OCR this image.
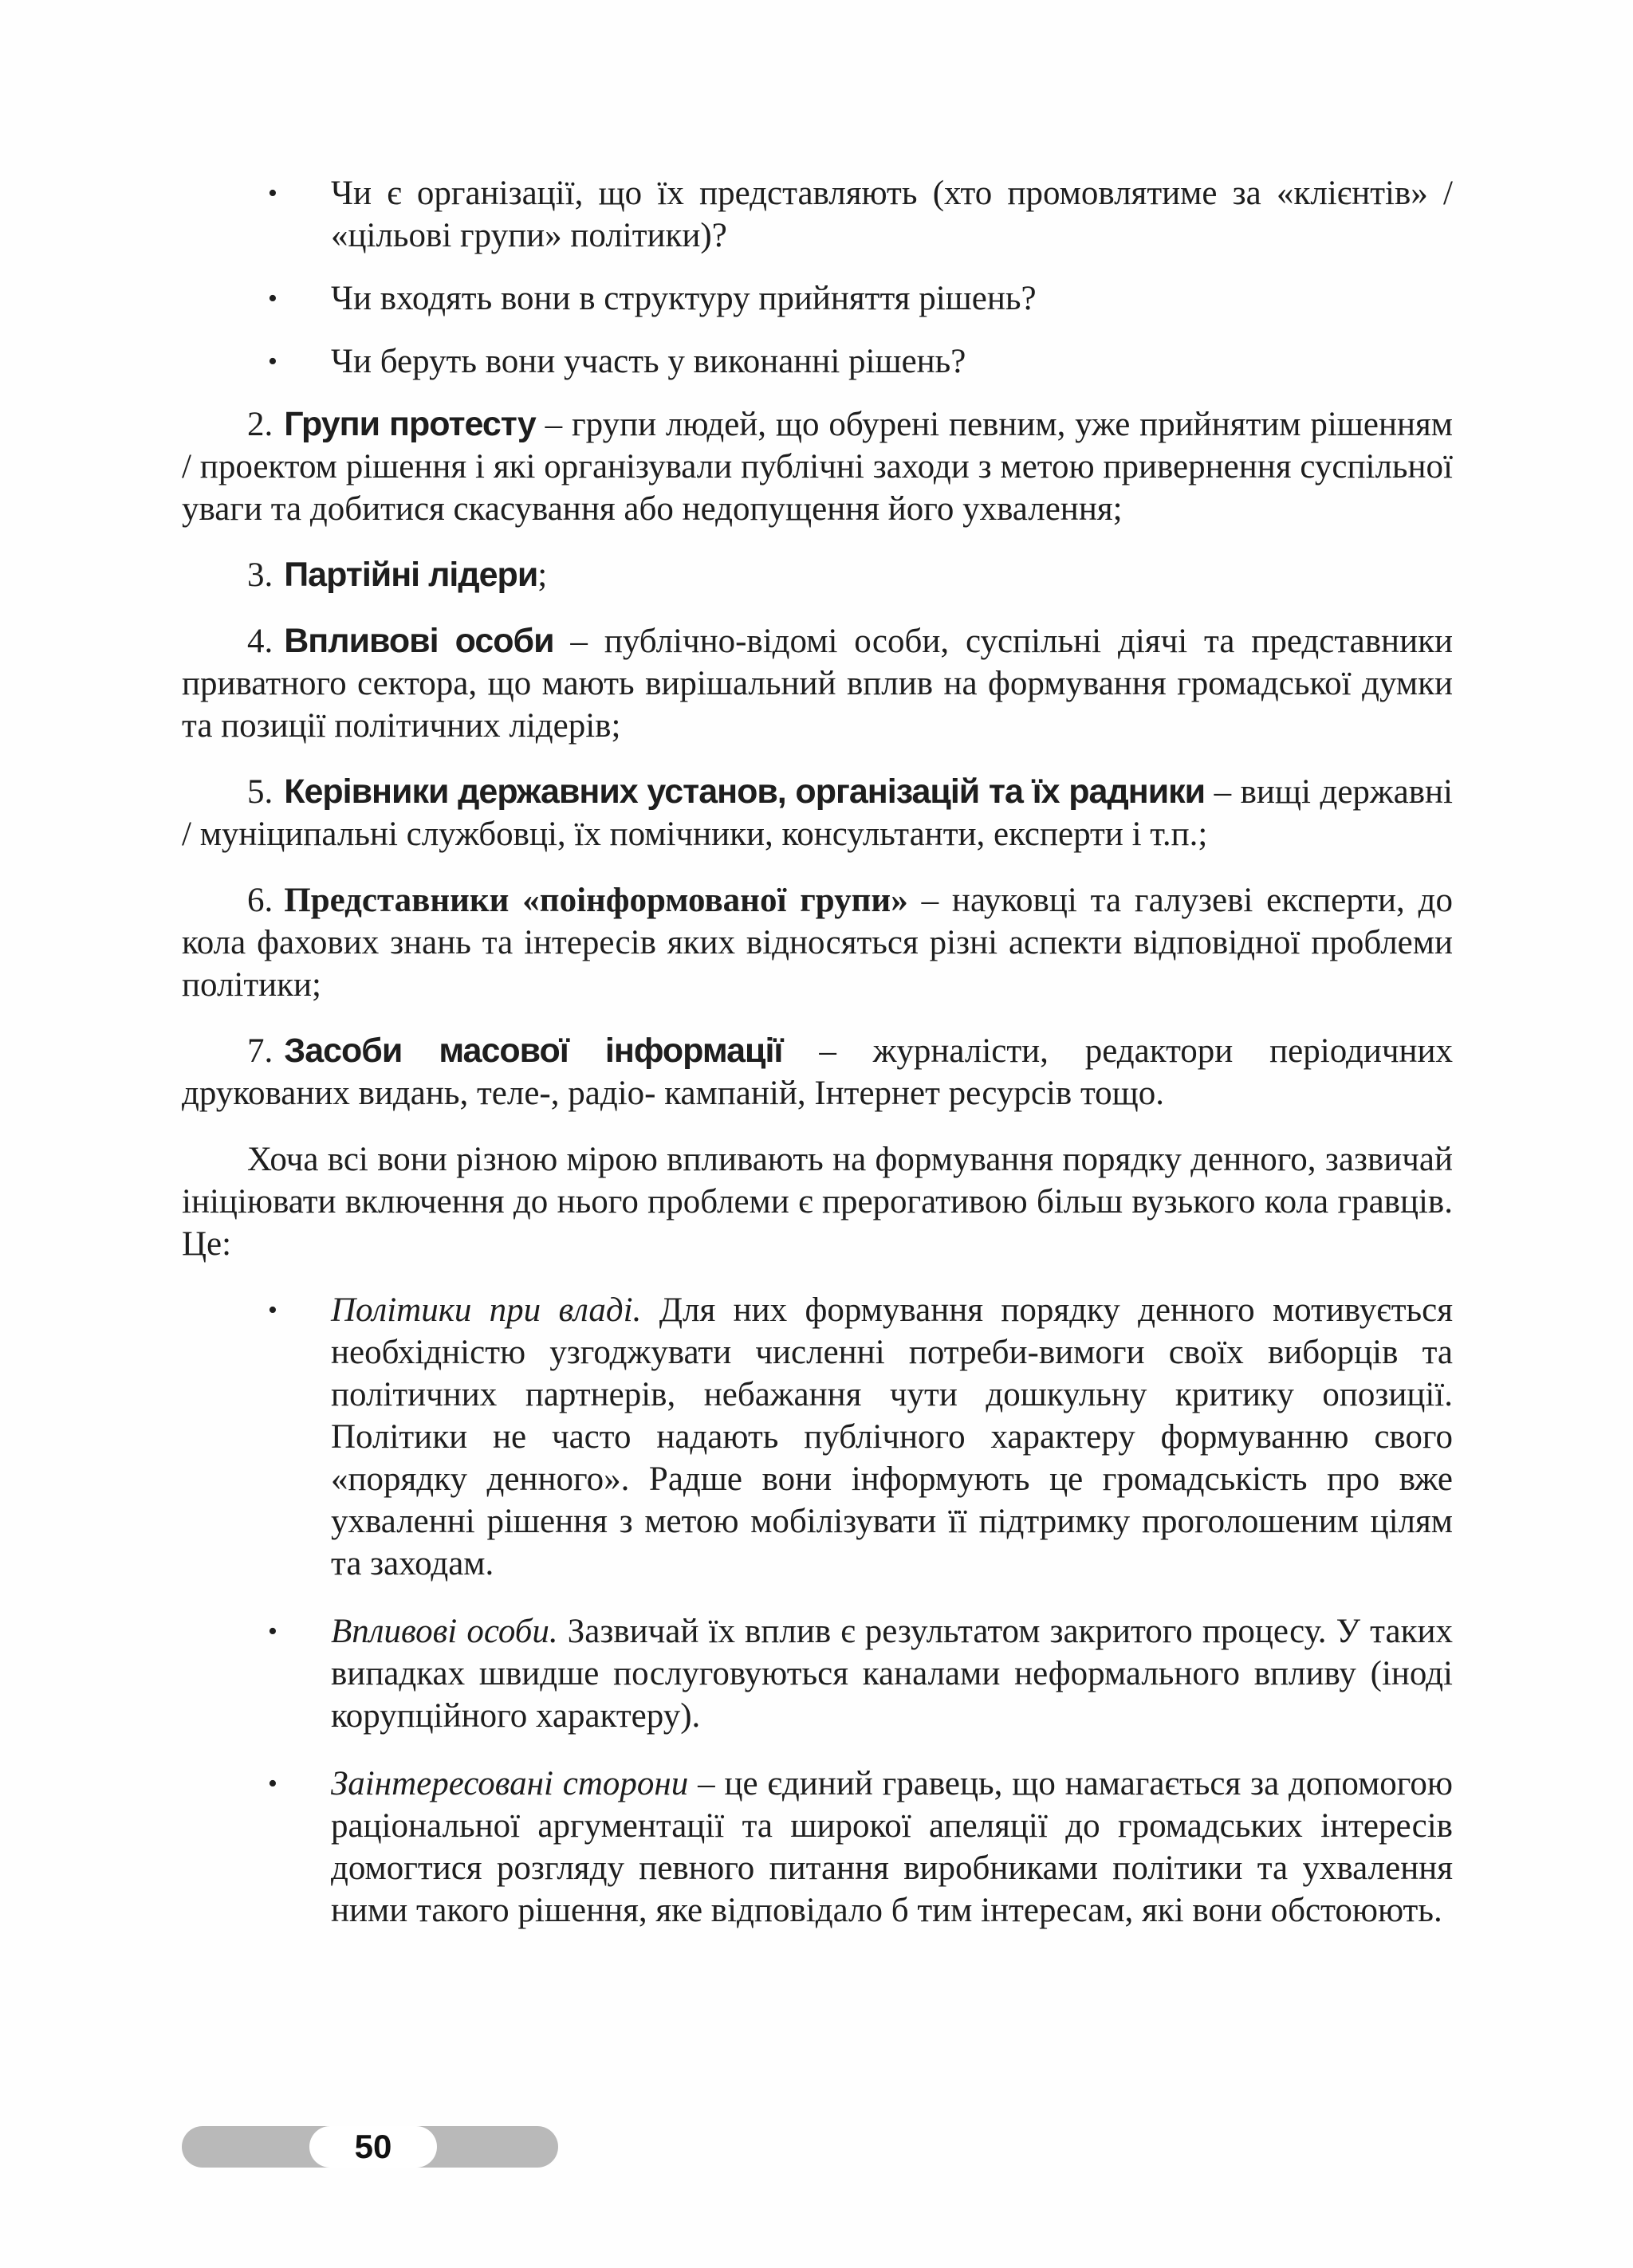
• Чи є організації, що їх представляють (хто промовлятиме за «клієнтів» / «цільові групи» політики)?
• Чи входять вони в структуру прийняття рішень?
• Чи беруть вони участь у виконанні рішень?

2. Групи протесту – групи людей, що обурені певним, уже прийнятим рішенням / проектом рішення і які організували публічні заходи з метою привернення суспільної уваги та добитися скасування або недопущення його ухвалення;

3. Партійні лідери;

4. Впливові особи – публічно-відомі особи, суспільні діячі та представники приватного сектора, що мають вирішальний вплив на формування громадської думки та позиції політичних лідерів;

5. Керівники державних установ, організацій та їх радники – вищі державні / муніципальні службовці, їх помічники, консультанти, експерти і т.п.;

6. Представники «поінформованої групи» – науковці та галузеві експерти, до кола фахових знань та інтересів яких відносяться різні аспекти відповідної проблеми політики;

7. Засоби масової інформації – журналісти, редактори періодичних друкованих видань, теле-, радіо- кампаній, Інтернет ресурсів тощо.

Хоча всі вони різною мірою впливають на формування порядку денного, зазвичай ініціювати включення до нього проблеми є прерогативою більш вузького кола гравців. Це:

• Політики при владі. Для них формування порядку денного мотивується необхідністю узгоджувати численні потреби-вимоги своїх виборців та політичних партнерів, небажання чути дошкульну критику опозиції. Політики не часто надають публічного характеру формуванню свого «порядку денного». Радше вони інформують це громадськість про вже ухваленні рішення з метою мобілізувати її підтримку проголошеним цілям та заходам.
• Впливові особи. Зазвичай їх вплив є результатом закритого процесу. У таких випадках швидше послуговуються каналами неформального впливу (іноді корупційного характеру).
• Заінтересовані сторони – це єдиний гравець, що намагається за допомогою раціональної аргументації та широкої апеляції до громадських інтересів домогтися розгляду певного питання виробниками політики та ухвалення ними такого рішення, яке відповідало б тим інтересам, які вони обстоюють.
50
